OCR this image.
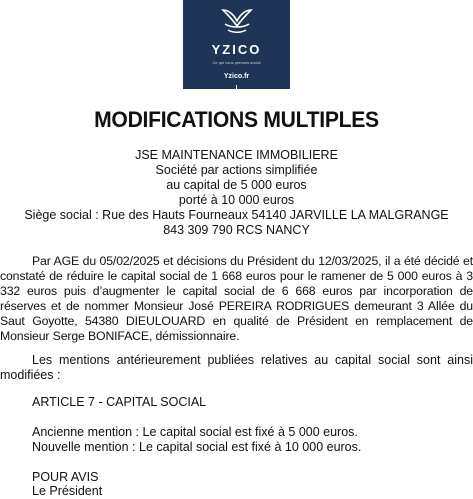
YZICO
Ce qui vous prenons social
Yzico.fr
MODIFICATIONS MULTIPLES
JSE MAINTENANCE IMMOBILIERE
Société par actions simplifiée
au capital de 5 000 euros
porté à 10 000 euros
Siège social : Rue des Hauts Fourneaux 54140 JARVILLE LA MALGRANGE
843 309 790 RCS NANCY

Par AGE du 05/02/2025 et décisions du Président du 12/03/2025, il a été décidé et constaté de réduire le capital social de 1 668 euros pour le ramener de 5 000 euros à 3 332 euros puis d’augmenter le capital social de 6 668 euros par incorporation de réserves et de nommer Monsieur José PEREIRA RODRIGUES demeurant 3 Allée du Saut Goyotte, 54380 DIEULOUARD en qualité de Président en remplacement de Monsieur Serge BONIFACE, démissionnaire.

Les mentions antérieurement publiées relatives au capital social sont ainsi modifiées :

ARTICLE 7 - CAPITAL SOCIAL
Ancienne mention : Le capital social est fixé à 5 000 euros.
Nouvelle mention : Le capital social est fixé à 10 000 euros.
POUR AVIS
Le Président
